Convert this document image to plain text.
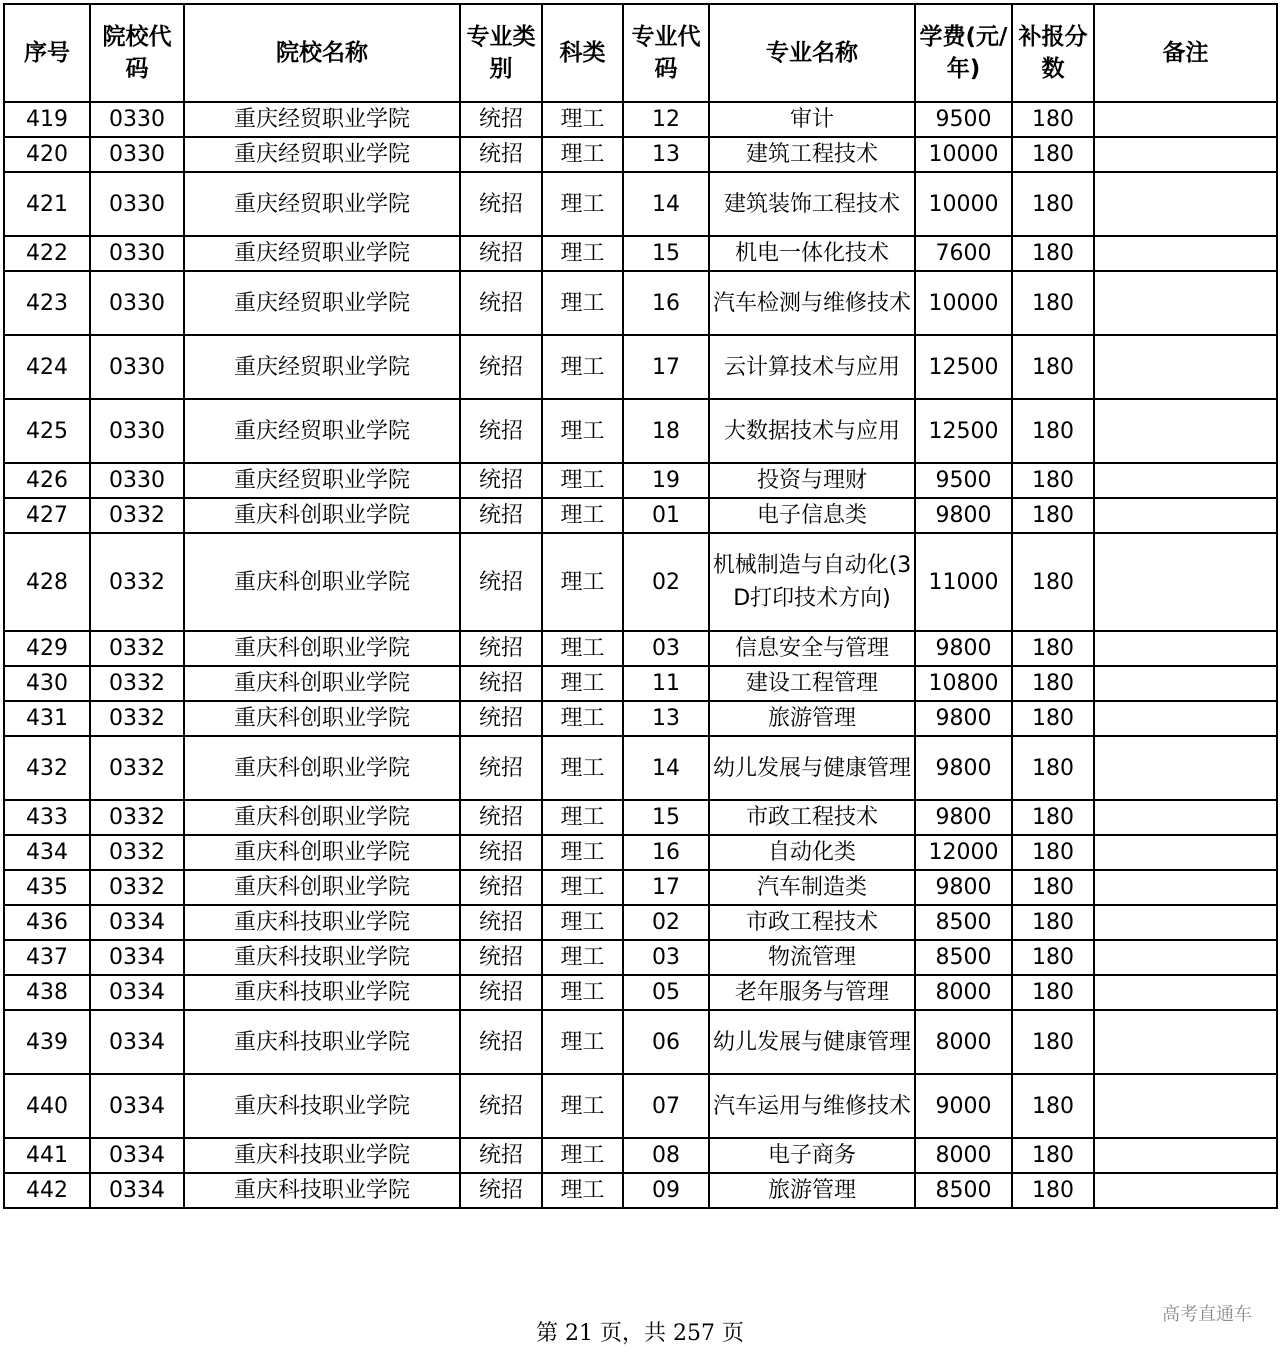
序号	院校代码	院校名称	专业类别	科类	专业代码	专业名称	学费(元/年)	补报分数	备注
419	0330	重庆经贸职业学院	统招	理工	12	审计	9500	180	
420	0330	重庆经贸职业学院	统招	理工	13	建筑工程技术	10000	180	
421	0330	重庆经贸职业学院	统招	理工	14	建筑装饰工程技术	10000	180	
422	0330	重庆经贸职业学院	统招	理工	15	机电一体化技术	7600	180	
423	0330	重庆经贸职业学院	统招	理工	16	汽车检测与维修技术	10000	180	
424	0330	重庆经贸职业学院	统招	理工	17	云计算技术与应用	12500	180	
425	0330	重庆经贸职业学院	统招	理工	18	大数据技术与应用	12500	180	
426	0330	重庆经贸职业学院	统招	理工	19	投资与理财	9500	180	
427	0332	重庆科创职业学院	统招	理工	01	电子信息类	9800	180	
428	0332	重庆科创职业学院	统招	理工	02	机械制造与自动化(3D打印技术方向)	11000	180	
429	0332	重庆科创职业学院	统招	理工	03	信息安全与管理	9800	180	
430	0332	重庆科创职业学院	统招	理工	11	建设工程管理	10800	180	
431	0332	重庆科创职业学院	统招	理工	13	旅游管理	9800	180	
432	0332	重庆科创职业学院	统招	理工	14	幼儿发展与健康管理	9800	180	
433	0332	重庆科创职业学院	统招	理工	15	市政工程技术	9800	180	
434	0332	重庆科创职业学院	统招	理工	16	自动化类	12000	180	
435	0332	重庆科创职业学院	统招	理工	17	汽车制造类	9800	180	
436	0334	重庆科技职业学院	统招	理工	02	市政工程技术	8500	180	
437	0334	重庆科技职业学院	统招	理工	03	物流管理	8500	180	
438	0334	重庆科技职业学院	统招	理工	05	老年服务与管理	8000	180	
439	0334	重庆科技职业学院	统招	理工	06	幼儿发展与健康管理	8000	180	
440	0334	重庆科技职业学院	统招	理工	07	汽车运用与维修技术	9000	180	
441	0334	重庆科技职业学院	统招	理工	08	电子商务	8000	180	
442	0334	重庆科技职业学院	统招	理工	09	旅游管理	8500	180	
第 21 页，共 257 页
高考直通车
